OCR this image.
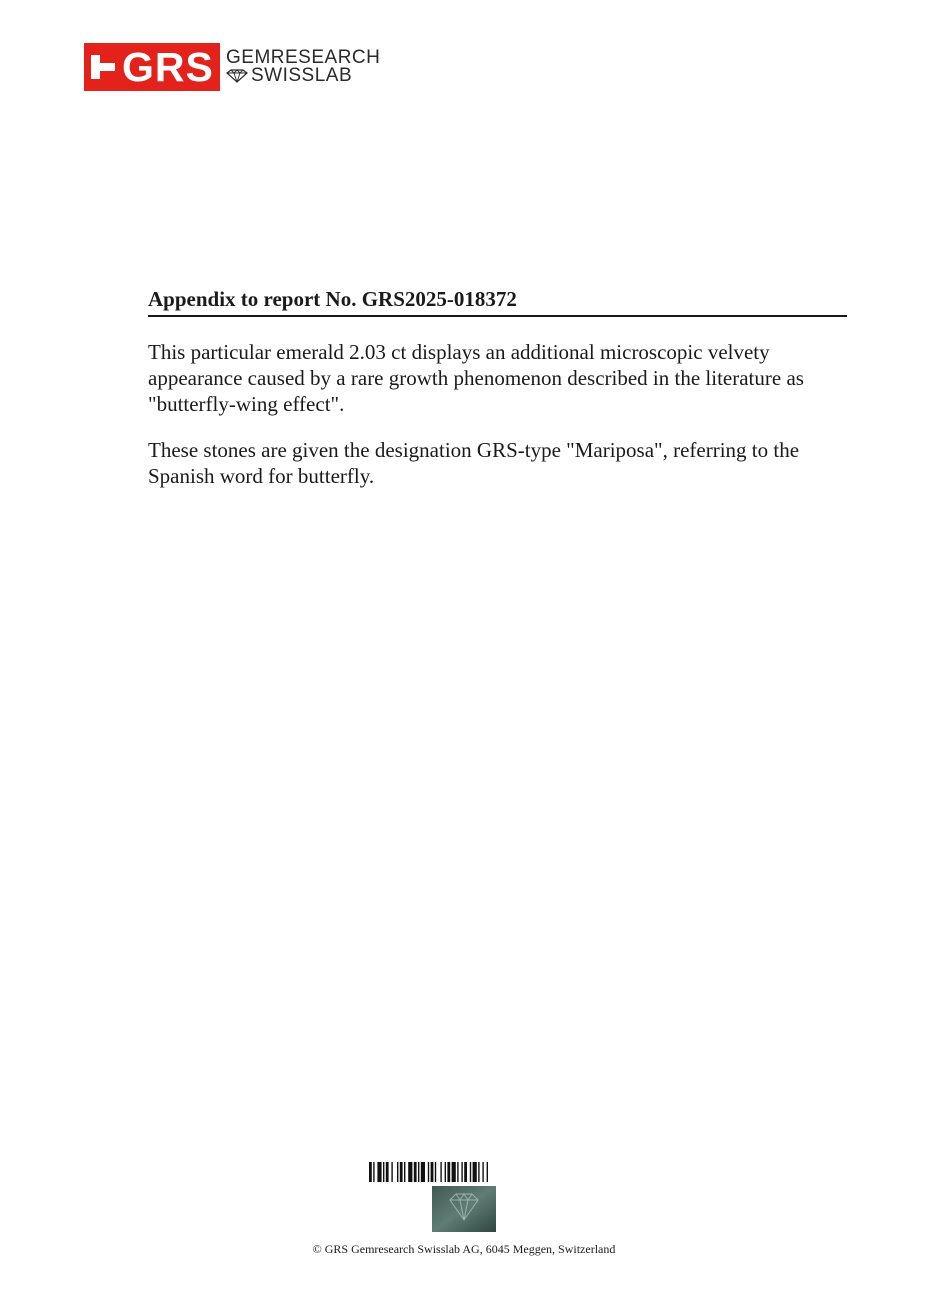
GRS GEMRESEARCH
SWISSLAB
Appendix to report No. GRS2025-018372

This particular emerald 2.03 ct displays an additional microscopic velvety appearance caused by a rare growth phenomenon described in the literature as "butterfly-wing effect".

These stones are given the designation GRS-type "Mariposa", referring to the Spanish word for butterfly.

© GRS Gemresearch Swisslab AG, 6045 Meggen, Switzerland
